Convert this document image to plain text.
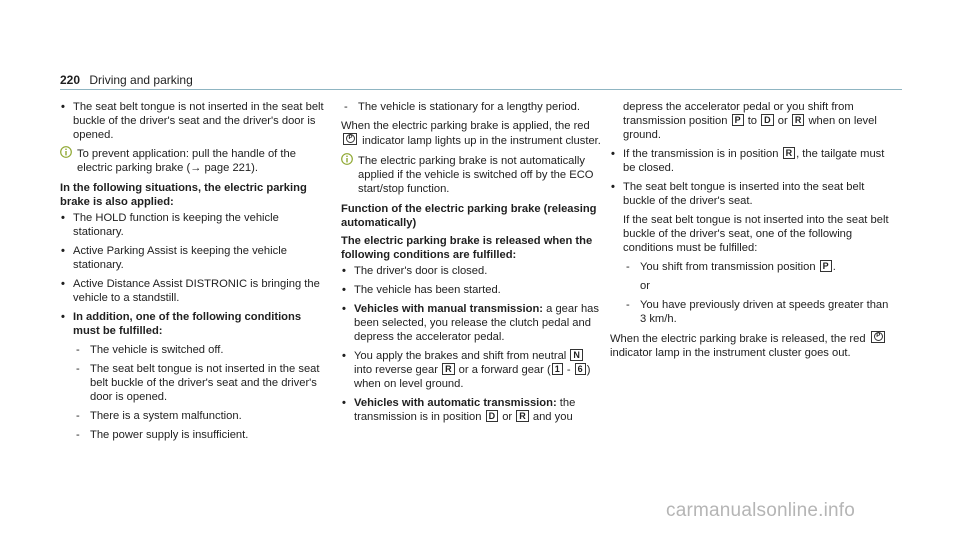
220 Driving and parking
• The seat belt tongue is not inserted in the seat belt buckle of the driver's seat and the driver's door is opened.
To prevent application: pull the handle of the electric parking brake (→ page 221).
In the following situations, the electric parking brake is also applied:
• The HOLD function is keeping the vehicle stationary.
• Active Parking Assist is keeping the vehicle stationary.
• Active Distance Assist DISTRONIC is bringing the vehicle to a standstill.
• In addition, one of the following conditions must be fulfilled:
- The vehicle is switched off.
- The seat belt tongue is not inserted in the seat belt buckle of the driver's seat and the driver's door is opened.
- There is a system malfunction.
- The power supply is insufficient.
- The vehicle is stationary for a lengthy period.

When the electric parking brake is applied, the red P indicator lamp lights up in the instrument cluster.

The electric parking brake is not automatically applied if the vehicle is switched off by the ECO start/stop function.
Function of the electric parking brake (releasing automatically)
The electric parking brake is released when the following conditions are fulfilled:
• The driver's door is closed.
• The vehicle has been started.
• Vehicles with manual transmission: a gear has been selected, you release the clutch pedal and depress the accelerator pedal.
• You apply the brakes and shift from neutral N into reverse gear R or a forward gear ( 1 - 6 ) when on level ground.
• Vehicles with automatic transmission: the transmission is in position D or R and you

depress the accelerator pedal or you shift from transmission position P to D or R when on level ground.

• If the transmission is in position R , the tailgate must be closed.
• The seat belt tongue is inserted into the seat belt buckle of the driver's seat.

If the seat belt tongue is not inserted into the seat belt buckle of the driver's seat, one of the following conditions must be fulfilled:

- You shift from transmission position P .

or

- You have previously driven at speeds greater than 3 km/h.

When the electric parking brake is released, the red P indicator lamp in the instrument cluster goes out.

carmanualsonline.info
